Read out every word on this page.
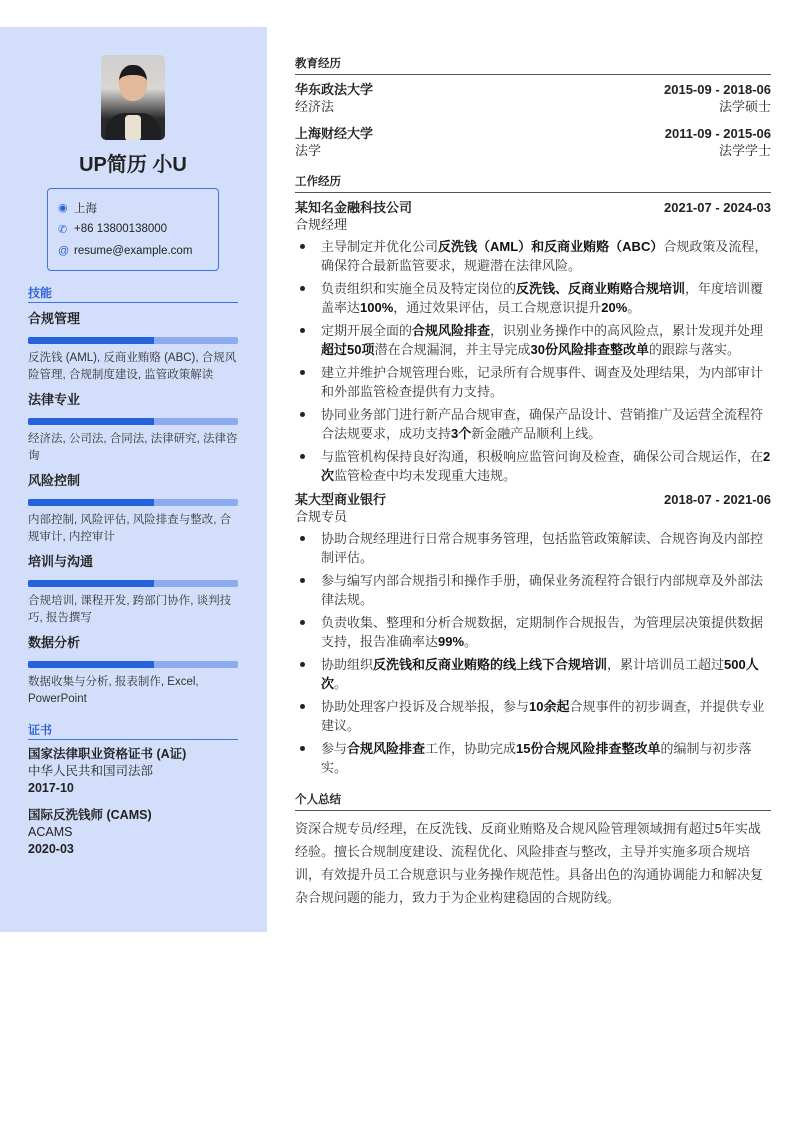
UP简历 小U
◉ 上海
✆ +86 13800138000
@ resume@example.com
技能
合规管理
反洗钱 (AML), 反商业贿赂 (ABC), 合规风险管理, 合规制度建设, 监管政策解读
法律专业
经济法, 公司法, 合同法, 法律研究, 法律咨询
风险控制
内部控制, 风险评估, 风险排查与整改, 合规审计, 内控审计
培训与沟通
合规培训, 课程开发, 跨部门协作, 谈判技巧, 报告撰写
数据分析
数据收集与分析, 报表制作, Excel, PowerPoint
证书
国家法律职业资格证书 (A证)
中华人民共和国司法部
2017-10
国际反洗钱师 (CAMS)
ACAMS
2020-03
教育经历
华东政法大学	2015-09 - 2018-06
经济法	法学硕士
上海财经大学	2011-09 - 2015-06
法学	法学学士
工作经历
某知名金融科技公司	2021-07 - 2024-03
合规经理
主导制定并优化公司反洗钱（AML）和反商业贿赂（ABC）合规政策及流程，确保符合最新监管要求，规避潜在法律风险。
负责组织和实施全员及特定岗位的反洗钱、反商业贿赂合规培训，年度培训覆盖率达100%，通过效果评估，员工合规意识提升20%。
定期开展全面的合规风险排查，识别业务操作中的高风险点，累计发现并处理超过50项潜在合规漏洞，并主导完成30份风险排查整改单的跟踪与落实。
建立并维护合规管理台账，记录所有合规事件、调查及处理结果，为内部审计和外部监管检查提供有力支持。
协同业务部门进行新产品合规审查，确保产品设计、营销推广及运营全流程符合法规要求，成功支持3个新金融产品顺利上线。
与监管机构保持良好沟通，积极响应监管问询及检查，确保公司合规运作，在2次监管检查中均未发现重大违规。
某大型商业银行	2018-07 - 2021-06
合规专员
协助合规经理进行日常合规事务管理，包括监管政策解读、合规咨询及内部控制评估。
参与编写内部合规指引和操作手册，确保业务流程符合银行内部规章及外部法律法规。
负责收集、整理和分析合规数据，定期制作合规报告，为管理层决策提供数据支持，报告准确率达99%。
协助组织反洗钱和反商业贿赂的线上线下合规培训，累计培训员工超过500人次。
协助处理客户投诉及合规举报，参与10余起合规事件的初步调查，并提供专业建议。
参与合规风险排查工作，协助完成15份合规风险排查整改单的编制与初步落实。
个人总结
资深合规专员/经理，在反洗钱、反商业贿赂及合规风险管理领域拥有超过5年实战经验。擅长合规制度建设、流程优化、风险排查与整改，主导并实施多项合规培训，有效提升员工合规意识与业务操作规范性。具备出色的沟通协调能力和解决复杂合规问题的能力，致力于为企业构建稳固的合规防线。
